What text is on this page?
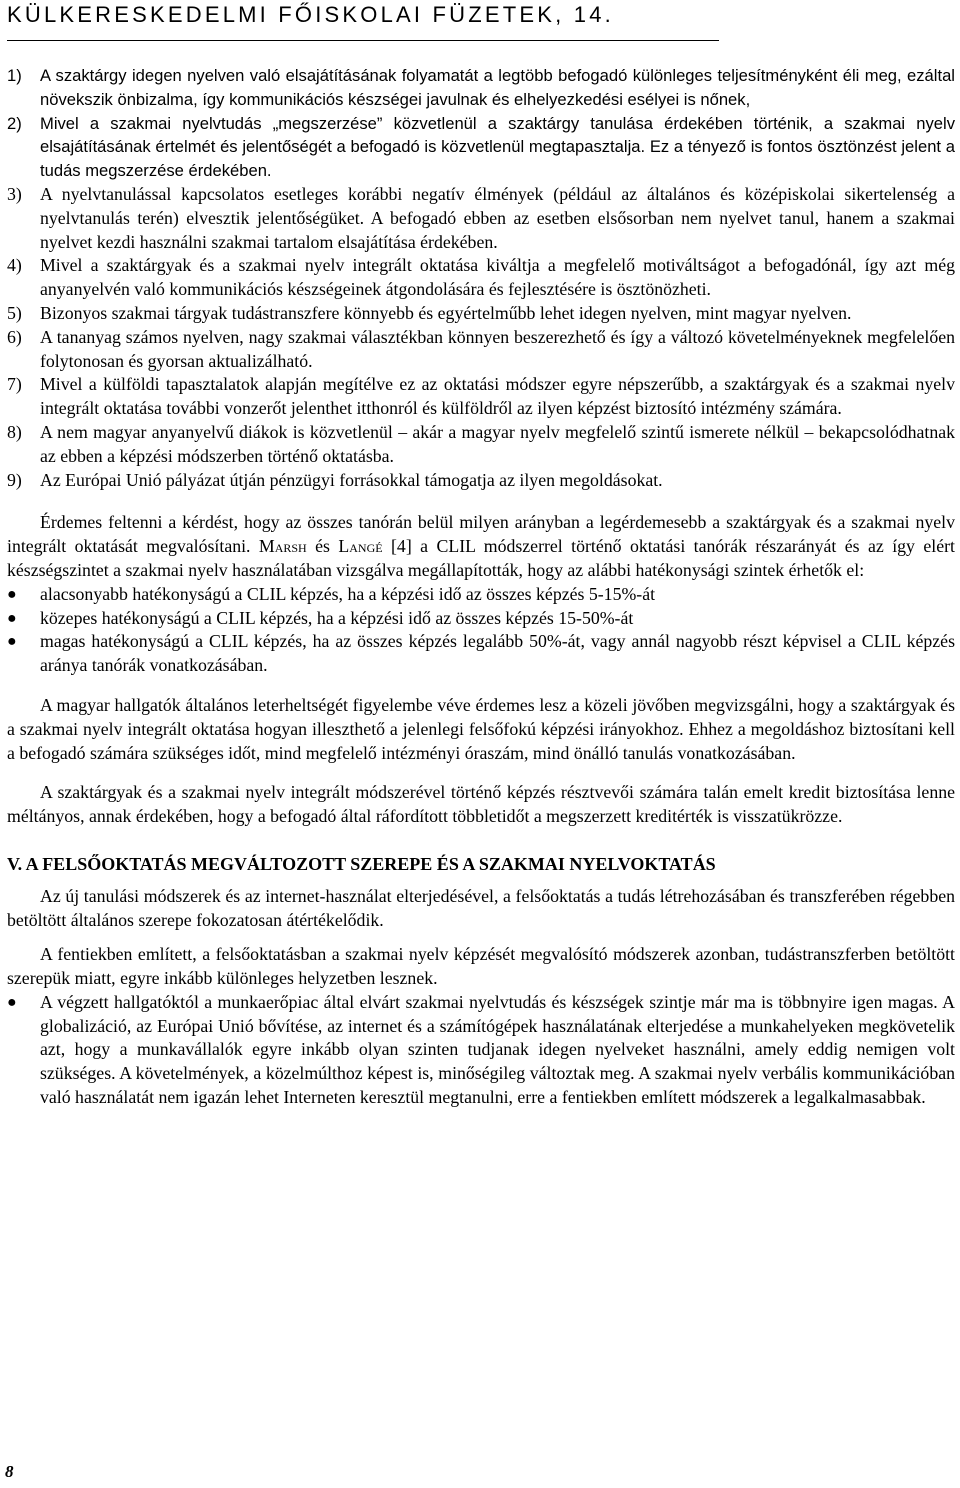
KÜLKERESKEDELMI FŐISKOLAI FÜZETEK, 14.
1) A szaktárgy idegen nyelven való elsajátításának folyamatát a legtöbb befogadó különleges teljesítményként éli meg, ezáltal növekszik önbizalma, így kommunikációs készségei javulnak és elhelyezkedési esélyei is nőnek,
2) Mivel a szakmai nyelvtudás „megszerzése” közvetlenül a szaktárgy tanulása érdekében történik, a szakmai nyelv elsajátításának értelmét és jelentőségét a befogadó is közvetlenül megtapasztalja. Ez a tényező is fontos ösztönzést jelent a tudás megszerzése érdekében.
3) A nyelvtanulással kapcsolatos esetleges korábbi negatív élmények (például az általános és középiskolai sikertelenség a nyelvtanulás terén) elvesztik jelentőségüket. A befogadó ebben az esetben elsősorban nem nyelvet tanul, hanem a szakmai nyelvet kezdi használni szakmai tartalom elsajátítása érdekében.
4) Mivel a szaktárgyak és a szakmai nyelv integrált oktatása kiváltja a megfelelő motiváltságot a befogadónál, így azt még anyanyelvén való kommunikációs készségeinek átgondolására és fejlesztésére is ösztönözheti.
5) Bizonyos szakmai tárgyak tudástranszfere könnyebb és egyértelműbb lehet idegen nyelven, mint magyar nyelven.
6) A tananyag számos nyelven, nagy szakmai választékban könnyen beszerezhető és így a változó követelményeknek megfelelően folytonosan és gyorsan aktualizálható.
7) Mivel a külföldi tapasztalatok alapján megítélve ez az oktatási módszer egyre népszerűbb, a szaktárgyak és a szakmai nyelv integrált oktatása további vonzerőt jelenthet itthonról és külföldről az ilyen képzést biztosító intézmény számára.
8) A nem magyar anyanyelvű diákok is közvetlenül – akár a magyar nyelv megfelelő szintű ismerete nélkül – bekapcsolódhatnak az ebben a képzési módszerben történő oktatásba.
9) Az Európai Unió pályázat útján pénzügyi forrásokkal támogatja az ilyen megoldásokat.

Érdemes feltenni a kérdést, hogy az összes tanórán belül milyen arányban a legérdemesebb a szaktárgyak és a szakmai nyelv integrált oktatását megvalósítani. Marsh és Langé [4] a CLIL módszerrel történő oktatási tanórák részarányát és az így elért készségszintet a szakmai nyelv használatában vizsgálva megállapították, hogy az alábbi hatékonysági szintek érhetők el:

● alacsonyabb hatékonyságú a CLIL képzés, ha a képzési idő az összes képzés 5-15%-át
● közepes hatékonyságú a CLIL képzés, ha a képzési idő az összes képzés 15-50%-át
● magas hatékonyságú a CLIL képzés, ha az összes képzés legalább 50%-át, vagy annál nagyobb részt képvisel a CLIL képzés aránya tanórák vonatkozásában.

A magyar hallgatók általános leterheltségét figyelembe véve érdemes lesz a közeli jövőben megvizsgálni, hogy a szaktárgyak és a szakmai nyelv integrált oktatása hogyan illeszthető a jelenlegi felsőfokú képzési irányokhoz. Ehhez a megoldáshoz biztosítani kell a befogadó számára szükséges időt, mind megfelelő intézményi óraszám, mind önálló tanulás vonatkozásában.

A szaktárgyak és a szakmai nyelv integrált módszerével történő képzés résztvevői számára talán emelt kredit biztosítása lenne méltányos, annak érdekében, hogy a befogadó által ráfordított többletidőt a megszerzett kreditérték is visszatükrözze.

V. A FELSŐOKTATÁS MEGVÁLTOZOTT SZEREPE ÉS A SZAKMAI NYELVOKTATÁS

Az új tanulási módszerek és az internet-használat elterjedésével, a felsőoktatás a tudás létrehozásában és transzferében régebben betöltött általános szerepe fokozatosan átértékelődik.

A fentiekben említett, a felsőoktatásban a szakmai nyelv képzését megvalósító módszerek azonban, tudástranszferben betöltött szerepük miatt, egyre inkább különleges helyzetben lesznek.

● A végzett hallgatóktól a munkaerőpiac által elvárt szakmai nyelvtudás és készségek szintje már ma is többnyire igen magas. A globalizáció, az Európai Unió bővítése, az internet és a számítógépek használatának elterjedése a munkahelyeken megkövetelik azt, hogy a munkavállalók egyre inkább olyan szinten tudjanak idegen nyelveket használni, amely eddig nemigen volt szükséges. A követelmények, a közelmúlthoz képest is, minőségileg változtak meg. A szakmai nyelv verbális kommunikációban való használatát nem igazán lehet Interneten keresztül megtanulni, erre a fentiekben említett módszerek a legalkalmasabbak.
8
